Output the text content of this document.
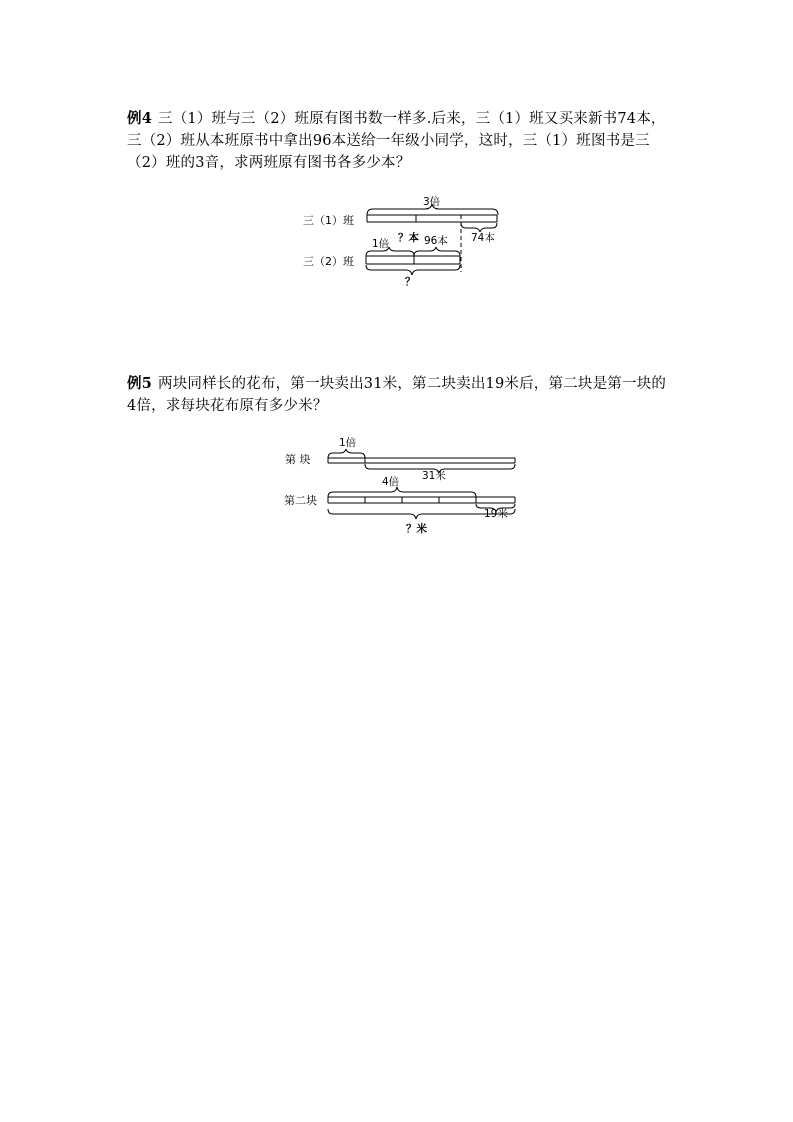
例4 三（1）班与三（2）班原有图书数一样多.后来，三（1）班又买来新书74本，三（2）班从本班原书中拿出96本送给一年级小同学，这时，三（1）班图书是三（2）班的3音，求两班原有图书各多少本？
例5 两块同样长的花布，第一块卖出31米，第二块卖出19米后，第二块是第一块的4倍，求每块花布原有多少米？
三（1）班
三（2）班
3倍
74本
1倍 ？本 96本
？
第 块
第二块
1倍
31米
4倍
19米
？米
